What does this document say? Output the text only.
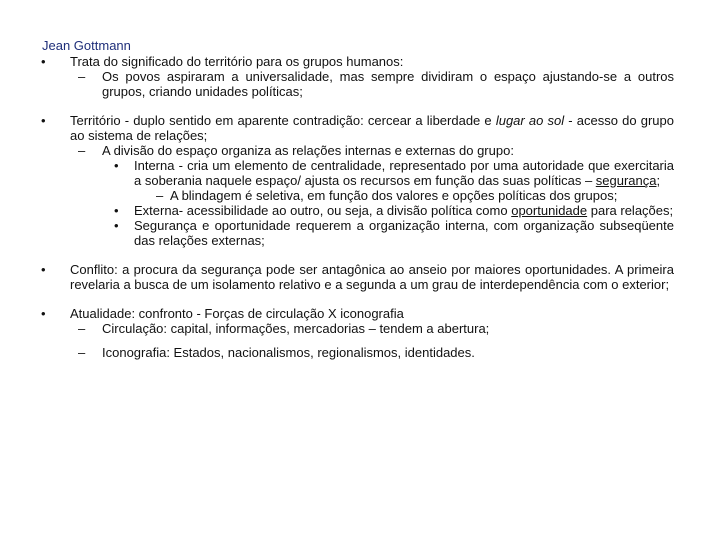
Jean Gottmann
• Trata do significado do território para os grupos humanos:
– Os povos aspiraram a universalidade, mas sempre dividiram o espaço ajustando-se a outros grupos, criando unidades políticas;
• Território - duplo sentido em aparente contradição: cercear a liberdade e lugar ao sol - acesso do grupo ao sistema de relações;
– A divisão do espaço organiza as relações internas e externas do grupo:
• Interna - cria um elemento de centralidade, representado por uma autoridade que exercitaria a soberania naquele espaço/ ajusta os recursos em função das suas políticas – segurança;
– A blindagem é seletiva, em função dos valores e opções políticas dos grupos;
• Externa- acessibilidade ao outro, ou seja, a divisão política como oportunidade para relações;
• Segurança e oportunidade requerem a organização interna, com organização subseqüente das relações externas;
• Conflito: a procura da segurança pode ser antagônica ao anseio por maiores oportunidades. A primeira revelaria a busca de um isolamento relativo e a segunda a um grau de interdependência com o exterior;
• Atualidade: confronto - Forças de circulação X iconografia
– Circulação: capital, informações, mercadorias – tendem a abertura;
– Iconografia: Estados, nacionalismos, regionalismos, identidades.
